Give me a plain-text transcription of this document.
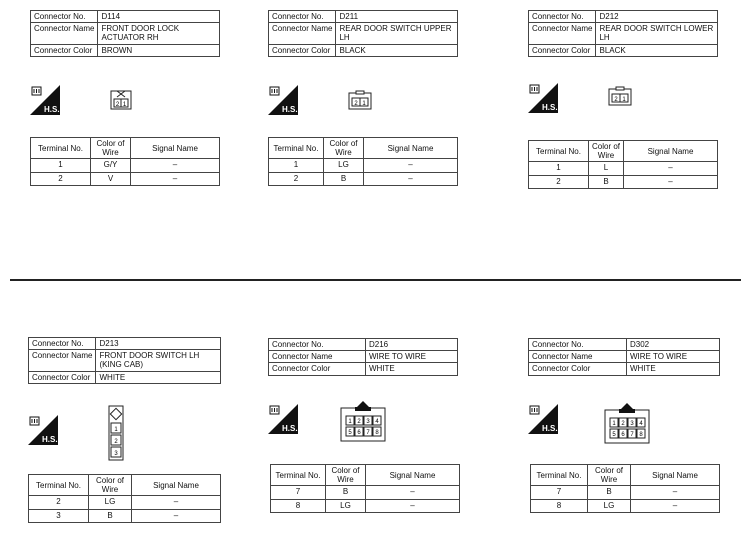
Connector No.	D114
Connector Name	FRONT DOOR LOCK ACTUATOR RH
Connector Color	BROWN
H.S.	2 1
Terminal No.	Color of Wire	Signal Name
1	G/Y	–
2	V	–
Connector No.	D211
Connector Name	REAR DOOR SWITCH UPPER LH
Connector Color	BLACK
H.S.
2 1
Terminal No.	Color of Wire	Signal Name
1	LG	–
2	B	–
Connector No.	D212
Connector Name	REAR DOOR SWITCH LOWER LH
Connector Color	BLACK
H.S.
2 1
Terminal No.	Color of Wire	Signal Name
1	L	–
2	B	–
Connector No.	D213
Connector Name	FRONT DOOR SWITCH LH (KING CAB)
Connector Color	WHITE
H.S.
1
2
3
Terminal No.	Color of Wire	Signal Name
2	LG	–
3	B	–
Connector No.	D216
Connector Name	WIRE TO WIRE
Connector Color	WHITE
H.S.
1 2 3 4
5 6 7 8
Terminal No.	Color of Wire	Signal Name
7	B	–
8	LG	–
Connector No.	D302
Connector Name	WIRE TO WIRE
Connector Color	WHITE
H.S.	1 2 3 4
5 6 7 8
Terminal No.	Color of Wire	Signal Name
7	B	–
8	LG	–
